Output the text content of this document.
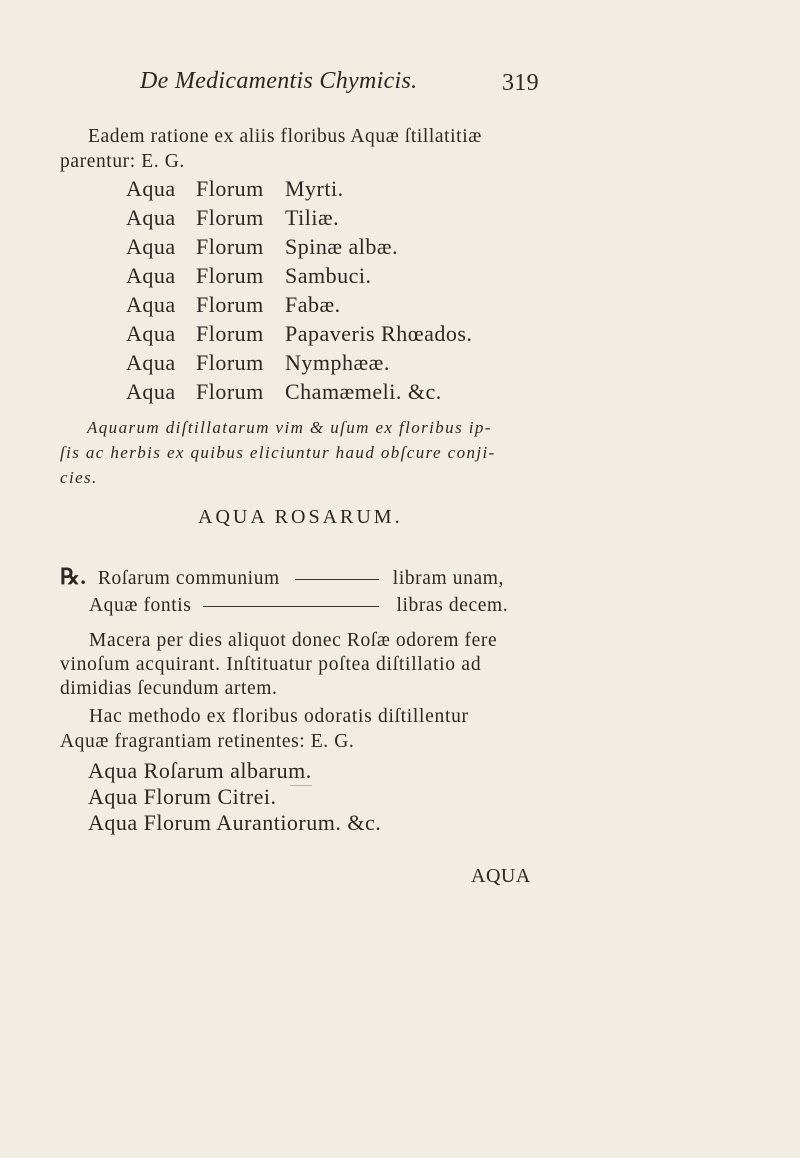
De Medicamentis Chymicis.	319
Eadem ratione ex aliis floribus Aquæ ſtillatitiæ
parentur: E. G.
Aqua Florum Myrti.
Aqua Florum Tiliæ.
Aqua Florum Spinæ albæ.
Aqua Florum Sambuci.
Aqua Florum Fabæ.
Aqua Florum Papaveris Rhœados.
Aqua Florum Nymphææ.
Aqua Florum Chamæmeli. &c.
Aquarum diſtillatarum vim & uſum ex floribus ip-
ſis ac herbis ex quibus eliciuntur haud obſcure conji-
cies.
AQUA ROSARUM.
℞. Roſarum communium	libram unam,
Aquæ fontis	libras decem.
Macera per dies aliquot donec Roſæ odorem fere
vinoſum acquirant. Inſtituatur poſtea diſtillatio ad
dimidias ſecundum artem.
Hac methodo ex floribus odoratis diſtillentur
Aquæ fragrantiam retinentes: E. G.
Aqua Roſarum albarum.
Aqua Florum Citrei.
Aqua Florum Aurantiorum. &c.
AQUA
